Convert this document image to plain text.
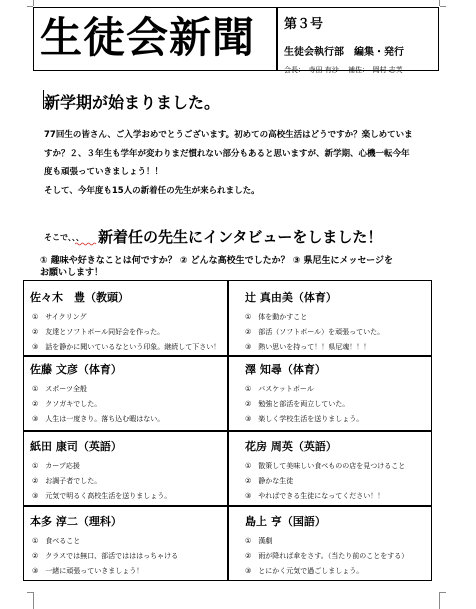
生徒会新聞 第３号
生徒会執行部　編集・発行
会長：　寺田 有沙　 補佐：　岡村 志芙
新学期が始まりました。
77回生の皆さん、ご入学おめでとうございます。初めての高校生活はどうですか？楽しめていま
すか？２、３年生も学年が変わりまだ慣れない部分もあると思いますが、新学期、心機一転今年
度も頑張っていきましょう！！
そして、今年度も15人の新着任の先生が来られました。
そこで、、、 新着任の先生にインタビューをしました！
① 趣味や好きなことは何ですか？ ② どんな高校生でしたか？ ③ 県尼生にメッセージを
お願いします！
佐々木　豊（教頭）
①　サイクリング
②　友達とソフトボール同好会を作った。
③　話を静かに聞いているなという印象。継続して下さい！
辻 真由美（体育）
①　体を動かすこと
②　部活（ソフトボール）を頑張っていた。
③　熱い思いを持って！！県尼魂！！！
佐藤 文彦（体育）
①　スポーツ全般
②　クソガキでした。
③　人生は一度きり。落ち込む暇はない。
澤 知尋（体育）
①　バスケットボール
②　勉強と部活を両立していた。
③　楽しく学校生活を送りましょう。
紙田 康司（英語）
①　カープ応援
②　お調子者でした。
③　元気で明るく高校生活を送りましょう。
花房 周英（英語）
①　散策して美味しい食べものの店を見つけること
②　静かな生徒
③　やればできる生徒になってください！！
本多 淳二（理科）
①　食べること
②　クラスでは無口、部活ではははっちゃける
③　一緒に頑張っていきましょう！
島上 亨（国語）
①　漢劇
②　雨が降れば傘をさす。（当たり前のことをする）
③　とにかく元気で過ごしましょう。
